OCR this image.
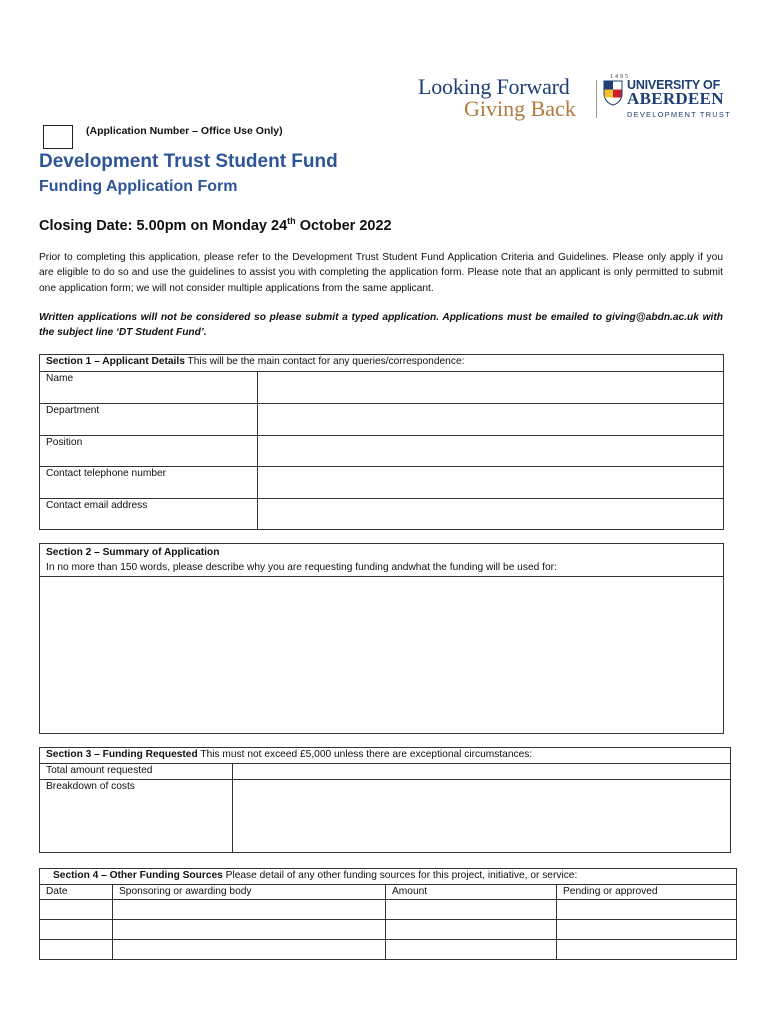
Looking Forward
Giving Back
1495
UNIVERSITY OF
ABERDEEN
DEVELOPMENT TRUST
(Application Number – Office Use Only)
Development Trust Student Fund
Funding Application Form
Closing Date: 5.00pm on Monday 24th October 2022
Prior to completing this application, please refer to the Development Trust Student Fund Application Criteria and Guidelines. Please only apply if you are eligible to do so and use the guidelines to assist you with completing the application form. Please note that an applicant is only permitted to submit one application form; we will not consider multiple applications from the same applicant.
Written applications will not be considered so please submit a typed application. Applications must be emailed to giving@abdn.ac.uk with the subject line ‘DT Student Fund’.
Section 1 – Applicant Details This will be the main contact for any queries/correspondence:	
Name	
Department	
Position	
Contact telephone number	
Contact email address	
Section 2 – Summary of Application
In no more than 150 words, please describe why you are requesting funding andwhat the funding will be used for:

Section 3 – Funding Requested This must not exceed £5,000 unless there are exceptional circumstances:	
Total amount requested	
Breakdown of costs	
Section 4 – Other Funding Sources Please detail of any other funding sources for this project, initiative, or service:			
Date	Sponsoring or awarding body	Amount	Pending or approved
